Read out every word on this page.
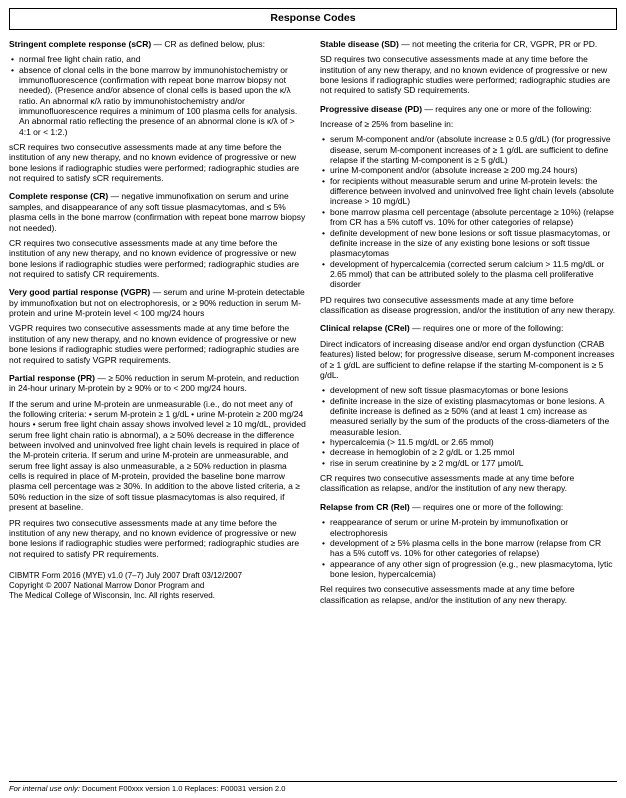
Response Codes

Stringent complete response (sCR) — CR as defined below, plus:

• normal free light chain ratio, and
• absence of clonal cells in the bone marrow by immunohistochemistry or immunofluorescence (confirmation with repeat bone marrow biopsy not needed). (Presence and/or absence of clonal cells is based upon the κ/λ ratio. An abnormal κ/λ ratio by immunohistochemistry and/or immunofluorescence requires a minimum of 100 plasma cells for analysis. An abnormal ratio reflecting the presence of an abnormal clone is κ/λ of > 4:1 or < 1:2.)

sCR requires two consecutive assessments made at any time before the institution of any new therapy, and no known evidence of progressive or new bone lesions if radiographic studies were performed; radiographic studies are not required to satisfy sCR requirements.

Complete response (CR) — negative immunofixation on serum and urine samples, and disappearance of any soft tissue plasmacytomas, and ≤ 5% plasma cells in the bone marrow (confirmation with repeat bone marrow biopsy not needed).

CR requires two consecutive assessments made at any time before the institution of any new therapy, and no known evidence of progressive or new bone lesions if radiographic studies were performed; radiographic studies are not required to satisfy CR requirements.

Very good partial response (VGPR) — serum and urine M-protein detectable by immunofixation but not on electrophoresis, or ≥ 90% reduction in serum M-protein and urine M-protein level < 100 mg/24 hours

VGPR requires two consecutive assessments made at any time before the institution of any new therapy, and no known evidence of progressive or new bone lesions if radiographic studies were performed; radiographic studies are not required to satisfy VGPR requirements.

Partial response (PR) — ≥ 50% reduction in serum M-protein, and reduction in 24-hour urinary M-protein by ≥ 90% or to < 200 mg/24 hours.

If the serum and urine M-protein are unmeasurable (i.e., do not meet any of the following criteria: • serum M-protein ≥ 1 g/dL • urine M-protein ≥ 200 mg/24 hours • serum free light chain assay shows involved level ≥ 10 mg/dL, provided serum free light chain ratio is abnormal), a ≥ 50% decrease in the difference between involved and uninvolved free light chain levels is required in place of the M-protein criteria. If serum and urine M-protein are unmeasurable, and serum free light assay is also unmeasurable, a ≥ 50% reduction in plasma cells is required in place of M-protein, provided the baseline bone marrow plasma cell percentage was ≥ 30%. In addition to the above listed criteria, a ≥ 50% reduction in the size of soft tissue plasmacytomas is also required, if present at baseline.

PR requires two consecutive assessments made at any time before the institution of any new therapy, and no known evidence of progressive or new bone lesions if radiographic studies were performed; radiographic studies are not required to satisfy PR requirements.

CIBMTR Form 2016 (MYE) v1.0 (7–7) July 2007 Draft 03/12/2007
Copyright © 2007 National Marrow Donor Program and
The Medical College of Wisconsin, Inc. All rights reserved.

Stable disease (SD) — not meeting the criteria for CR, VGPR, PR or PD.

SD requires two consecutive assessments made at any time before the institution of any new therapy, and no known evidence of progressive or new bone lesions if radiographic studies were performed; radiographic studies are not required to satisfy SD requirements.

Progressive disease (PD) — requires any one or more of the following:

Increase of ≥ 25% from baseline in:

• serum M-component and/or (absolute increase ≥ 0.5 g/dL) (for progressive disease, serum M-component increases of ≥ 1 g/dL are sufficient to define relapse if the starting M-component is ≥ 5 g/dL)
• urine M-component and/or (absolute increase ≥ 200 mg.24 hours)
• for recipients without measurable serum and urine M-protein levels: the difference between involved and uninvolved free light chain levels (absolute increase > 10 mg/dL)
• bone marrow plasma cell percentage (absolute percentage ≥ 10%) (relapse from CR has a 5% cutoff vs. 10% for other categories of relapse)
• definite development of new bone lesions or soft tissue plasmacytomas, or definite increase in the size of any existing bone lesions or soft tissue plasmacytomas
• development of hypercalcemia (corrected serum calcium > 11.5 mg/dL or 2.65 mmol) that can be attributed solely to the plasma cell proliferative disorder

PD requires two consecutive assessments made at any time before classification as disease progression, and/or the institution of any new therapy.

Clinical relapse (CRel) — requires one or more of the following:

Direct indicators of increasing disease and/or end organ dysfunction (CRAB features) listed below; for progressive disease, serum M-component increases of ≥ 1 g/dL are sufficient to define relapse if the starting M-component is ≥ 5 g/dL.

• development of new soft tissue plasmacytomas or bone lesions
• definite increase in the size of existing plasmacytomas or bone lesions. A definite increase is defined as ≥ 50% (and at least 1 cm) increase as measured serially by the sum of the products of the cross-diameters of the measurable lesion.
• hypercalcemia (> 11.5 mg/dL or 2.65 mmol)
• decrease in hemoglobin of ≥ 2 g/dL or 1.25 mmol
• rise in serum creatinine by ≥ 2 mg/dL or 177 μmol/L

CR requires two consecutive assessments made at any time before classification as relapse, and/or the institution of any new therapy.

Relapse from CR (Rel) — requires one or more of the following:

• reappearance of serum or urine M-protein by immunofixation or electrophoresis
• development of ≥ 5% plasma cells in the bone marrow (relapse from CR has a 5% cutoff vs. 10% for other categories of relapse)
• appearance of any other sign of progression (e.g., new plasmacytoma, lytic bone lesion, hypercalcemia)

Rel requires two consecutive assessments made at any time before classification as relapse, and/or the institution of any new therapy.

For internal use only: Document F00xxx version 1.0 Replaces: F00031 version 2.0
